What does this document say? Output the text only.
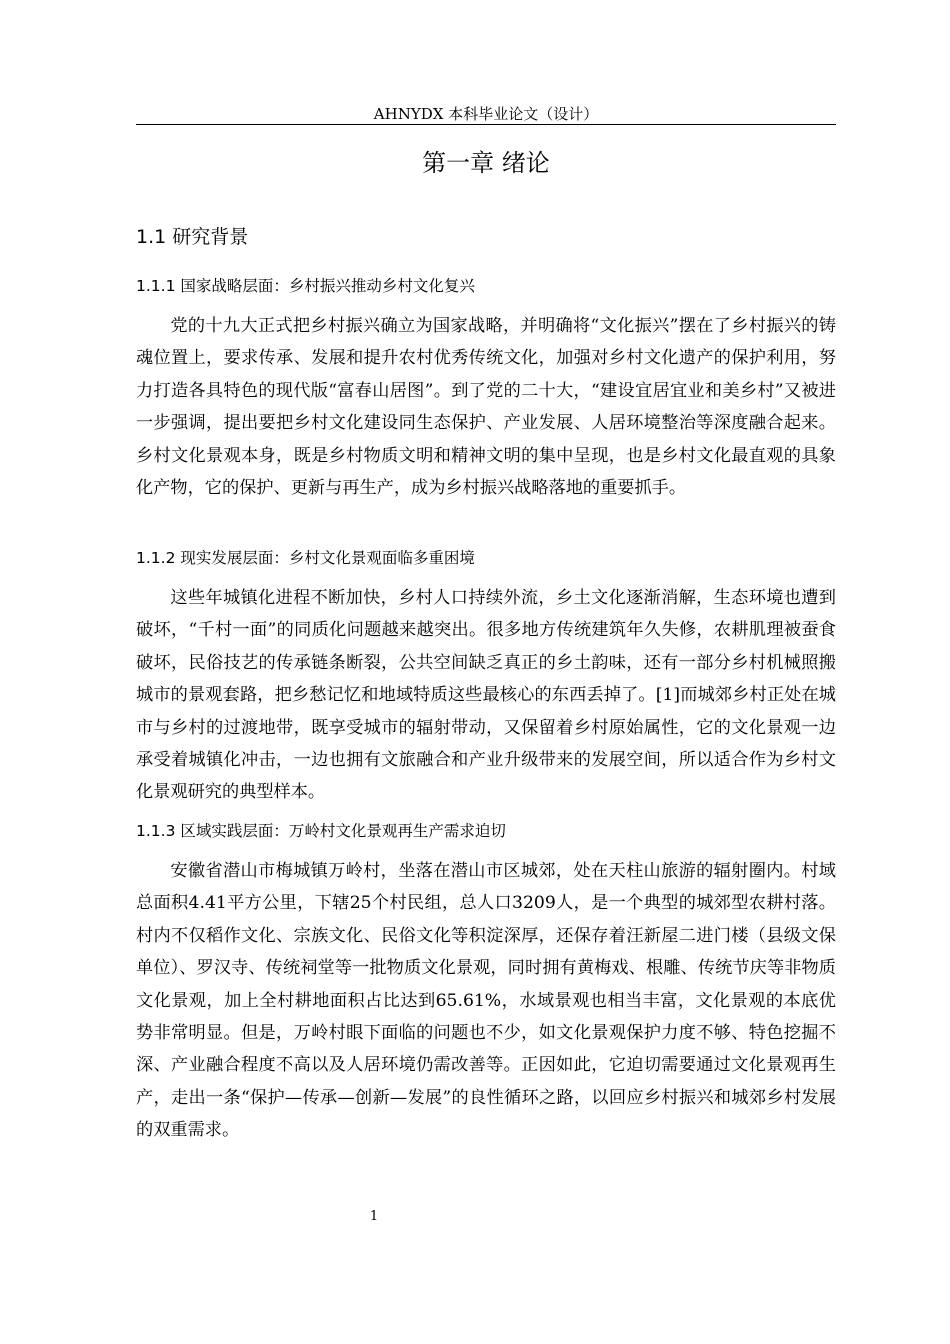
AHNYDX 本科毕业论文（设计）
第一章 绪论
1.1 研究背景
1.1.1 国家战略层面：乡村振兴推动乡村文化复兴

党的十九大正式把乡村振兴确立为国家战略，并明确将“文化振兴”摆在了乡村振兴的铸魂位置上，要求传承、发展和提升农村优秀传统文化，加强对乡村文化遗产的保护利用，努力打造各具特色的现代版“富春山居图”。到了党的二十大，“建设宜居宜业和美乡村”又被进一步强调，提出要把乡村文化建设同生态保护、产业发展、人居环境整治等深度融合起来。乡村文化景观本身，既是乡村物质文明和精神文明的集中呈现，也是乡村文化最直观的具象化产物，它的保护、更新与再生产，成为乡村振兴战略落地的重要抓手。

1.1.2 现实发展层面：乡村文化景观面临多重困境

这些年城镇化进程不断加快，乡村人口持续外流，乡土文化逐渐消解，生态环境也遭到破坏，“千村一面”的同质化问题越来越突出。很多地方传统建筑年久失修，农耕肌理被蚕食破坏，民俗技艺的传承链条断裂，公共空间缺乏真正的乡土韵味，还有一部分乡村机械照搬城市的景观套路，把乡愁记忆和地域特质这些最核心的东西丢掉了。[1]而城郊乡村正处在城市与乡村的过渡地带，既享受城市的辐射带动，又保留着乡村原始属性，它的文化景观一边承受着城镇化冲击，一边也拥有文旅融合和产业升级带来的发展空间，所以适合作为乡村文化景观研究的典型样本。

1.1.3 区域实践层面：万岭村文化景观再生产需求迫切

安徽省潜山市梅城镇万岭村，坐落在潜山市区城郊，处在天柱山旅游的辐射圈内。村域总面积4.41平方公里，下辖25个村民组，总人口3209人，是一个典型的城郊型农耕村落。村内不仅稻作文化、宗族文化、民俗文化等积淀深厚，还保存着汪新屋二进门楼（县级文保单位）、罗汉寺、传统祠堂等一批物质文化景观，同时拥有黄梅戏、根雕、传统节庆等非物质文化景观，加上全村耕地面积占比达到65.61%，水域景观也相当丰富，文化景观的本底优势非常明显。但是，万岭村眼下面临的问题也不少，如文化景观保护力度不够、特色挖掘不深、产业融合程度不高以及人居环境仍需改善等。正因如此，它迫切需要通过文化景观再生产，走出一条“保护—传承—创新—发展”的良性循环之路，以回应乡村振兴和城郊乡村发展的双重需求。

1
